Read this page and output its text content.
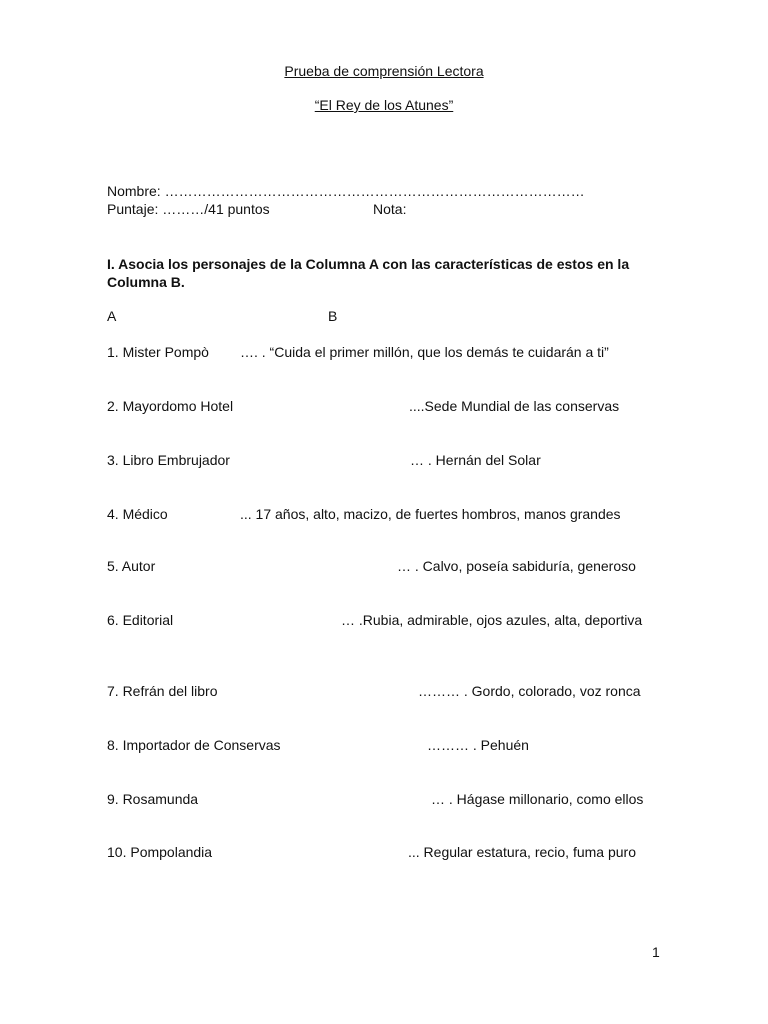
Prueba de comprensión Lectora
“El Rey de los Atunes”
Nombre: ………………………………………………………………………………
Puntaje: ………/41 puntos	Nota:
I. Asocia los personajes de la Columna A con las características de estos en la Columna B.
A	B
1. Mister Pompò …. . “Cuida el primer millón, que los demás te cuidarán a ti”
2. Mayordomo Hotel	....Sede Mundial de las conservas
3. Libro Embrujador	… . Hernán del Solar
4. Médico	... 17 años, alto, macizo, de fuertes hombros, manos grandes
5. Autor	… . Calvo, poseía sabiduría, generoso
6. Editorial	… .Rubia, admirable, ojos azules, alta, deportiva
7. Refrán del libro	……… . Gordo, colorado, voz ronca
8. Importador de Conservas	……… . Pehuén
9. Rosamunda	… . Hágase millonario, como ellos
10. Pompolandia	... Regular estatura, recio, fuma puro
1
